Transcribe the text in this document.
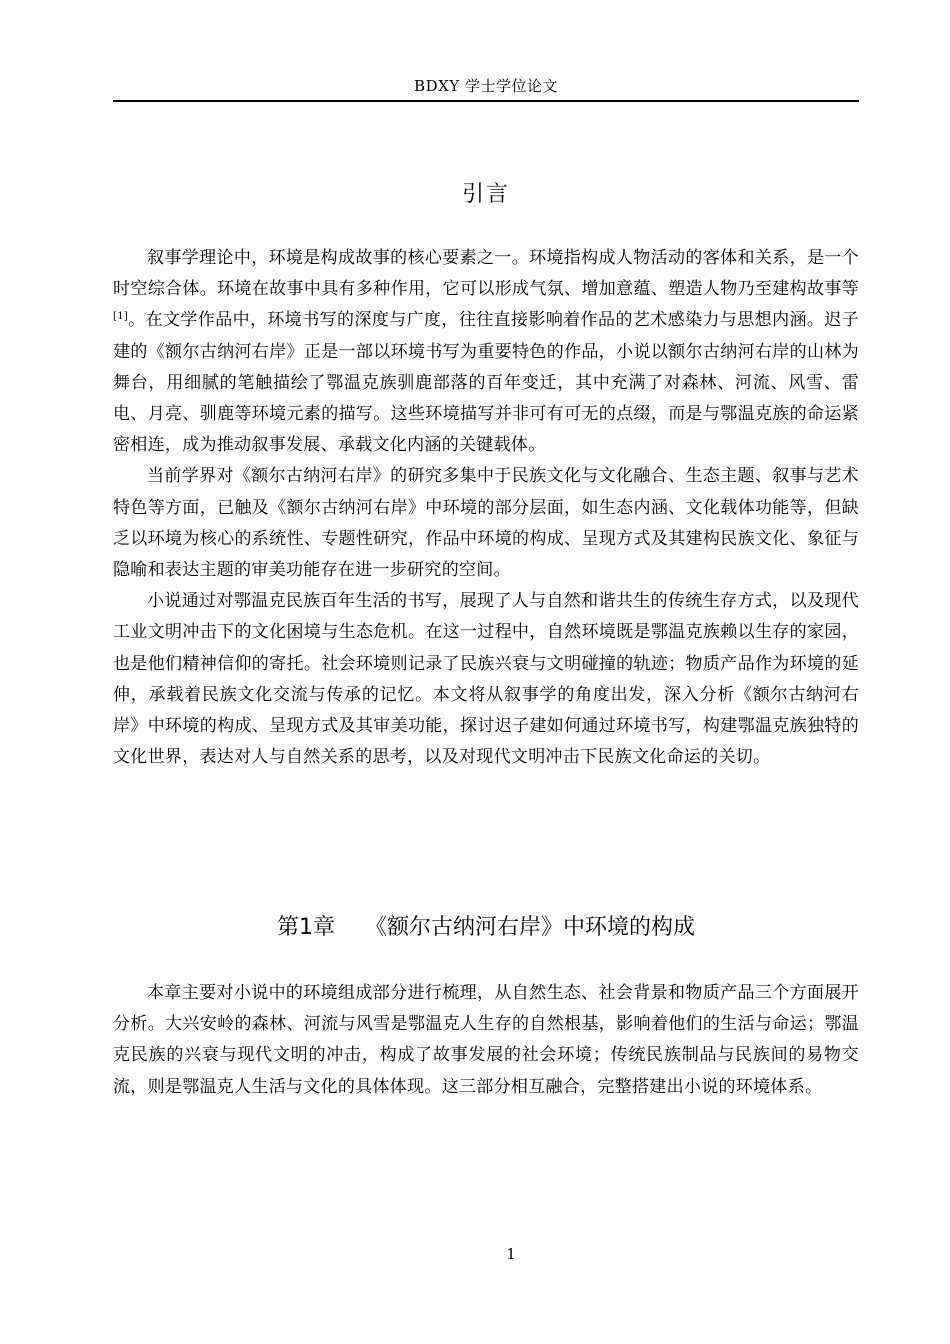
BDXY 学士学位论文
引言

叙事学理论中，环境是构成故事的核心要素之一。环境指构成人物活动的客体和关系，是一个时空综合体。环境在故事中具有多种作用，它可以形成气氛、增加意蕴、塑造人物乃至建构故事等[1]。在文学作品中，环境书写的深度与广度，往往直接影响着作品的艺术感染力与思想内涵。迟子建的《额尔古纳河右岸》正是一部以环境书写为重要特色的作品，小说以额尔古纳河右岸的山林为舞台，用细腻的笔触描绘了鄂温克族驯鹿部落的百年变迁，其中充满了对森林、河流、风雪、雷电、月亮、驯鹿等环境元素的描写。这些环境描写并非可有可无的点缀，而是与鄂温克族的命运紧密相连，成为推动叙事发展、承载文化内涵的关键载体。

当前学界对《额尔古纳河右岸》的研究多集中于民族文化与文化融合、生态主题、叙事与艺术特色等方面，已触及《额尔古纳河右岸》中环境的部分层面，如生态内涵、文化载体功能等，但缺乏以环境为核心的系统性、专题性研究，作品中环境的构成、呈现方式及其建构民族文化、象征与隐喻和表达主题的审美功能存在进一步研究的空间。

小说通过对鄂温克民族百年生活的书写，展现了人与自然和谐共生的传统生存方式，以及现代工业文明冲击下的文化困境与生态危机。在这一过程中，自然环境既是鄂温克族赖以生存的家园，也是他们精神信仰的寄托。社会环境则记录了民族兴衰与文明碰撞的轨迹；物质产品作为环境的延伸，承载着民族文化交流与传承的记忆。本文将从叙事学的角度出发，深入分析《额尔古纳河右岸》中环境的构成、呈现方式及其审美功能，探讨迟子建如何通过环境书写，构建鄂温克族独特的文化世界，表达对人与自然关系的思考，以及对现代文明冲击下民族文化命运的关切。

第1章 《额尔古纳河右岸》中环境的构成

本章主要对小说中的环境组成部分进行梳理，从自然生态、社会背景和物质产品三个方面展开分析。大兴安岭的森林、河流与风雪是鄂温克人生存的自然根基，影响着他们的生活与命运；鄂温克民族的兴衰与现代文明的冲击，构成了故事发展的社会环境；传统民族制品与民族间的易物交流，则是鄂温克人生活与文化的具体体现。这三部分相互融合，完整搭建出小说的环境体系。

1
